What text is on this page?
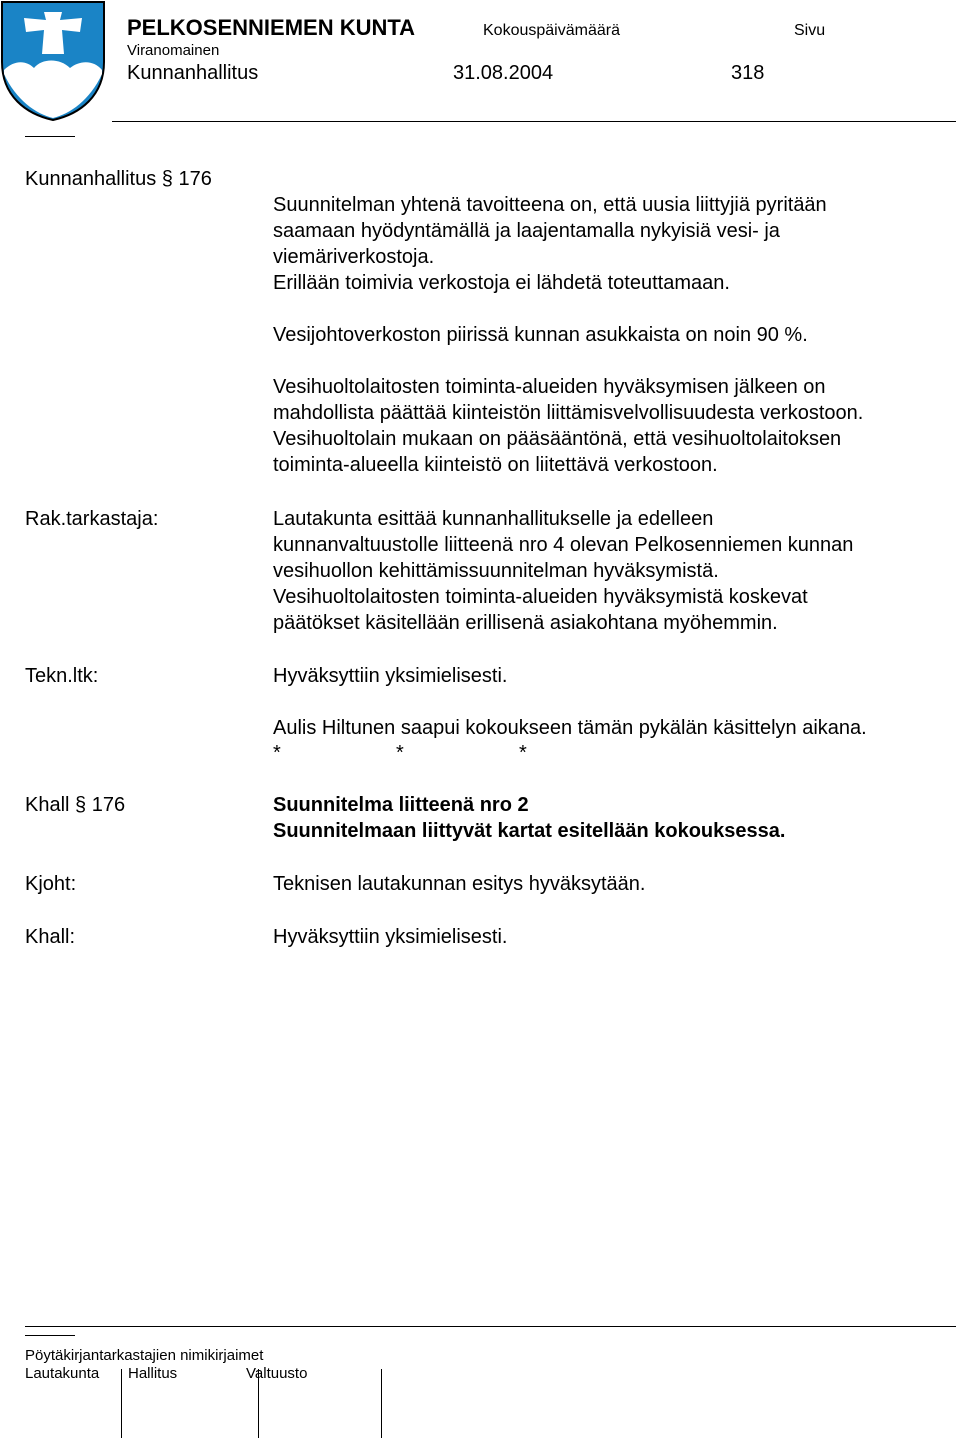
PELKOSENNIEMEN KUNTA
Viranomainen
Kunnanhallitus
Kokouspäivämäärä
31.08.2004
Sivu
318
Kunnanhallitus § 176
Suunnitelman yhtenä tavoitteena on, että uusia liittyjiä pyritään
saamaan hyödyntämällä ja laajentamalla nykyisiä vesi- ja
viemäriverkostoja.
Erillään toimivia verkostoja ei lähdetä toteuttamaan.
Vesijohtoverkoston piirissä kunnan asukkaista on noin 90 %.
Vesihuoltolaitosten toiminta-alueiden hyväksymisen jälkeen on
mahdollista päättää kiinteistön liittämisvelvollisuudesta verkostoon.
Vesihuoltolain mukaan on pääsääntönä, että vesihuoltolaitoksen
toiminta-alueella kiinteistö on liitettävä verkostoon.
Rak.tarkastaja:	Lautakunta esittää kunnanhallitukselle ja edelleen
kunnanvaltuustolle liitteenä nro 4 olevan Pelkosenniemen kunnan
vesihuollon kehittämissuunnitelman hyväksymistä.
Vesihuoltolaitosten toiminta-alueiden hyväksymistä koskevat
päätökset käsitellään erillisenä asiakohtana myöhemmin.
Tekn.ltk:	Hyväksyttiin yksimielisesti.
Aulis Hiltunen saapui kokoukseen tämän pykälän käsittelyn aikana.
*	*	*
Khall § 176	Suunnitelma liitteenä nro 2
Suunnitelmaan liittyvät kartat esitellään kokouksessa.
Kjoht:	Teknisen lautakunnan esitys hyväksytään.
Khall:	Hyväksyttiin yksimielisesti.
Pöytäkirjantarkastajien nimikirjaimet
Lautakunta Hallitus	Valtuusto
